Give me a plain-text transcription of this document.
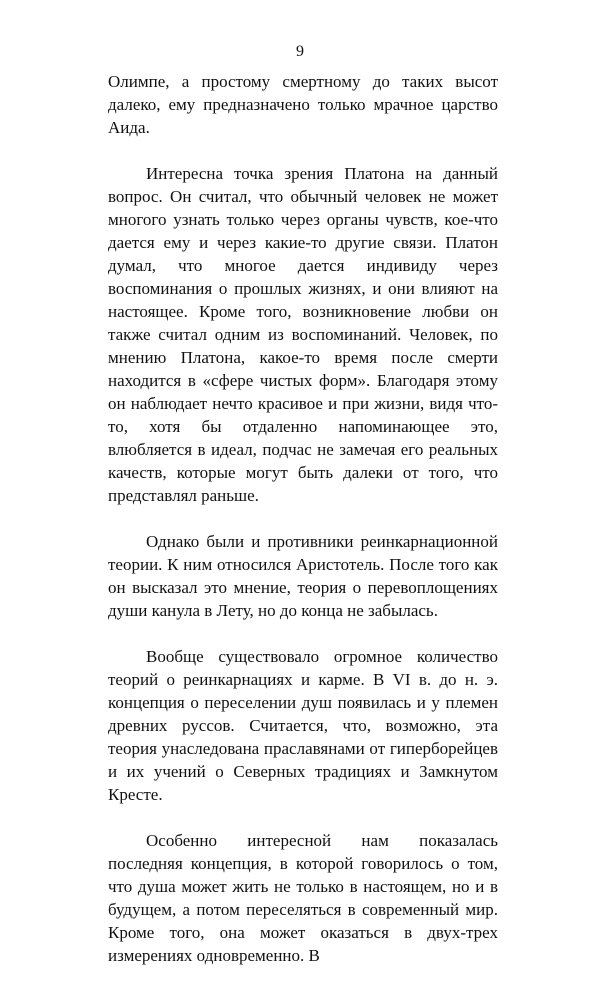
9

Олимпе, а простому смертному до таких высот далеко, ему предназначено только мрачное царство Аида.

Интересна точка зрения Платона на данный вопрос. Он считал, что обычный человек не может многого узнать только через органы чувств, кое-что дается ему и через какие-то другие связи. Платон думал, что многое дается индивиду через воспоминания о прошлых жизнях, и они влияют на настоящее. Кроме того, возникновение любви он также считал одним из воспоминаний. Человек, по мнению Платона, какое-то время после смерти находится в «сфере чистых форм». Благодаря этому он наблюдает нечто красивое и при жизни, видя что-то, хотя бы отдаленно напоминающее это, влюбляется в идеал, подчас не замечая его реальных качеств, которые могут быть далеки от того, что представлял раньше.

Однако были и противники реинкарнационной теории. К ним относился Аристотель. После того как он высказал это мнение, теория о перевоплощениях души канула в Лету, но до конца не забылась.

Вообще существовало огромное количество теорий о реинкарнациях и карме. В VI в. до н. э. концепция о переселении душ появилась и у племен древних руссов. Считается, что, возможно, эта теория унаследована праславянами от гиперборейцев и их учений о Северных традициях и Замкнутом Кресте.

Особенно интересной нам показалась последняя концепция, в которой говорилось о том, что душа может жить не только в настоящем, но и в будущем, а потом переселяться в современный мир. Кроме того, она может оказаться в двух-трех измерениях одновременно. В
